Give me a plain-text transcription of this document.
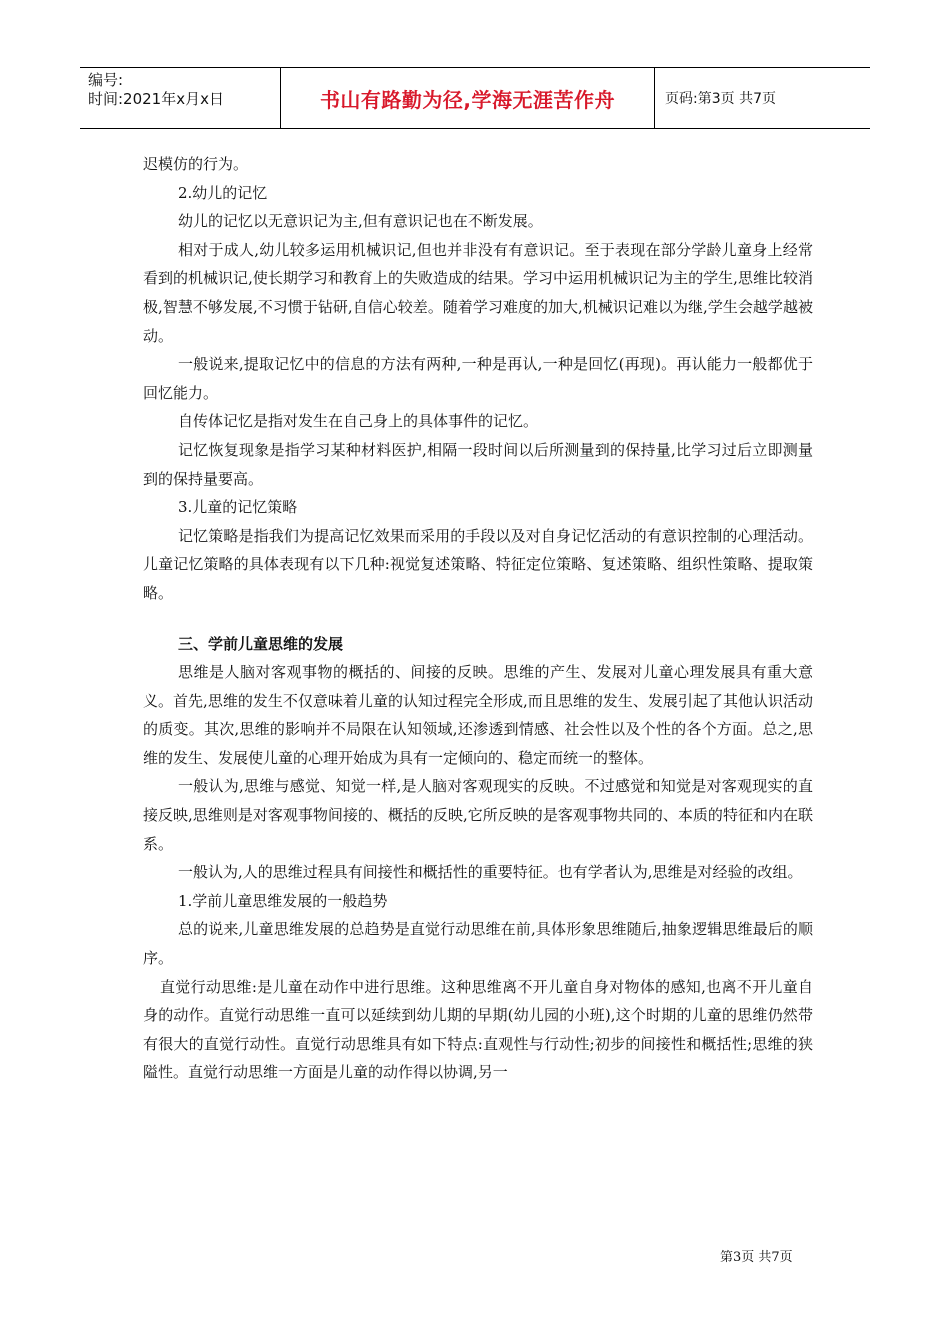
编号:
时间:2021年x月x日	书山有路勤为径,学海无涯苦作舟	页码:第3页 共7页

迟模仿的行为。

2.幼儿的记忆

幼儿的记忆以无意识记为主,但有意识记也在不断发展。

相对于成人,幼儿较多运用机械识记,但也并非没有有意识记。至于表现在部分学龄儿童身上经常看到的机械识记,使长期学习和教育上的失败造成的结果。学习中运用机械识记为主的学生,思维比较消极,智慧不够发展,不习惯于钻研,自信心较差。随着学习难度的加大,机械识记难以为继,学生会越学越被动。

一般说来,提取记忆中的信息的方法有两种,一种是再认,一种是回忆(再现)。再认能力一般都优于回忆能力。

自传体记忆是指对发生在自己身上的具体事件的记忆。

记忆恢复现象是指学习某种材料医护,相隔一段时间以后所测量到的保持量,比学习过后立即测量到的保持量要高。

3.儿童的记忆策略

记忆策略是指我们为提高记忆效果而采用的手段以及对自身记忆活动的有意识控制的心理活动。儿童记忆策略的具体表现有以下几种:视觉复述策略、特征定位策略、复述策略、组织性策略、提取策略。

三、学前儿童思维的发展

思维是人脑对客观事物的概括的、间接的反映。思维的产生、发展对儿童心理发展具有重大意义。首先,思维的发生不仅意味着儿童的认知过程完全形成,而且思维的发生、发展引起了其他认识活动的质变。其次,思维的影响并不局限在认知领域,还渗透到情感、社会性以及个性的各个方面。总之,思维的发生、发展使儿童的心理开始成为具有一定倾向的、稳定而统一的整体。

一般认为,思维与感觉、知觉一样,是人脑对客观现实的反映。不过感觉和知觉是对客观现实的直接反映,思维则是对客观事物间接的、概括的反映,它所反映的是客观事物共同的、本质的特征和内在联系。

一般认为,人的思维过程具有间接性和概括性的重要特征。也有学者认为,思维是对经验的改组。

1.学前儿童思维发展的一般趋势

总的说来,儿童思维发展的总趋势是直觉行动思维在前,具体形象思维随后,抽象逻辑思维最后的顺序。

直觉行动思维:是儿童在动作中进行思维。这种思维离不开儿童自身对物体的感知,也离不开儿童自身的动作。直觉行动思维一直可以延续到幼儿期的早期(幼儿园的小班),这个时期的儿童的思维仍然带有很大的直觉行动性。直觉行动思维具有如下特点:直观性与行动性;初步的间接性和概括性;思维的狭隘性。直觉行动思维一方面是儿童的动作得以协调,另一

第3页 共7页
